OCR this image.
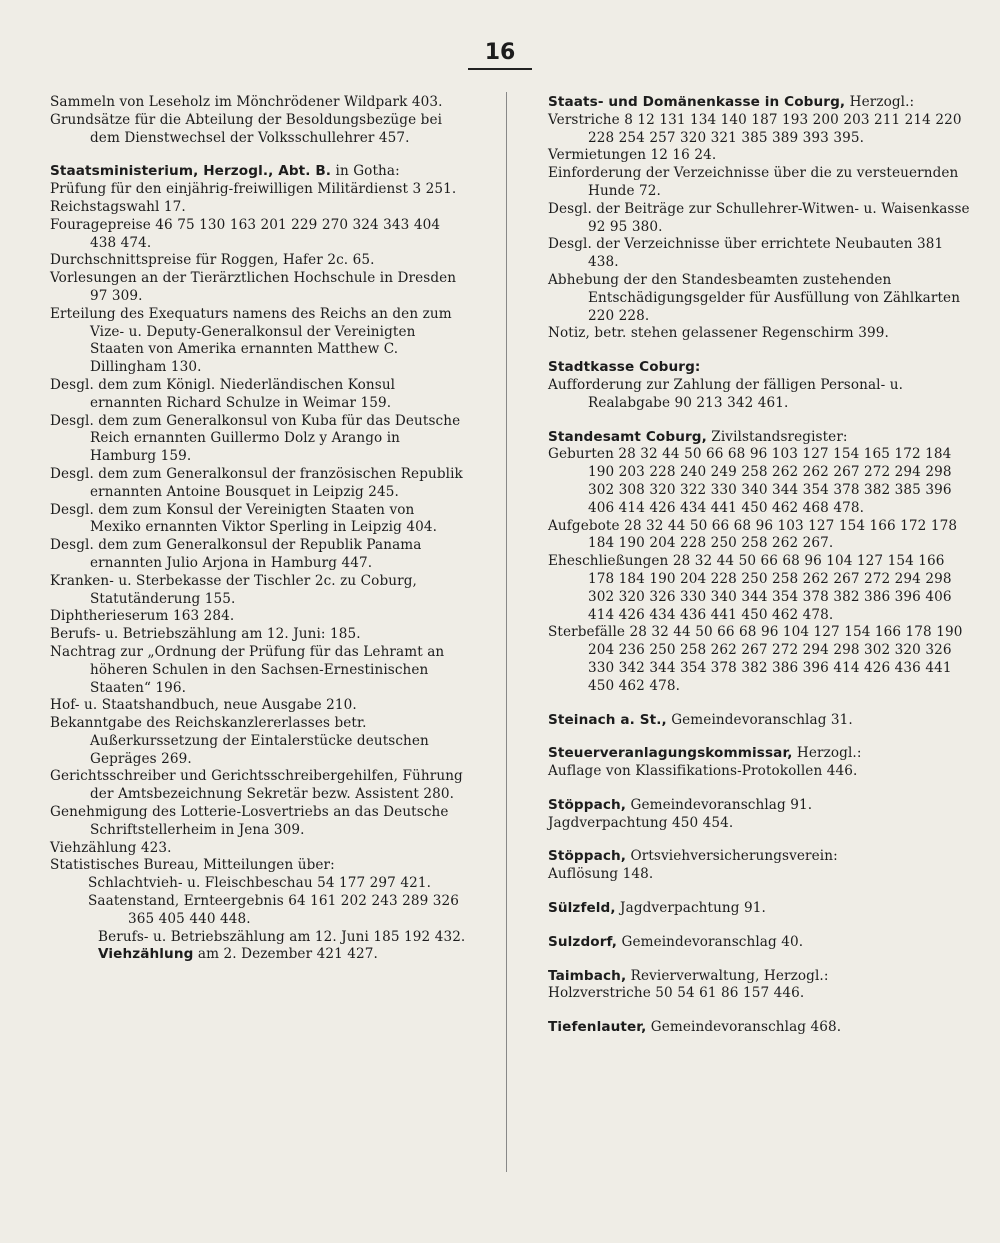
16

Sammeln von Leseholz im Mönchrödener Wildpark 403.

Grundsätze für die Abteilung der Besoldungsbezüge bei dem Dienstwechsel der Volksschullehrer 457.

Staatsministerium, Herzogl., Abt. B. in Gotha:

Prüfung für den einjährig-freiwilligen Militärdienst 3 251.

Reichstagswahl 17.

Fouragepreise 46 75 130 163 201 229 270 324 343 404 438 474.

Durchschnittspreise für Roggen, Hafer 2c. 65.

Vorlesungen an der Tierärztlichen Hochschule in Dresden 97 309.

Erteilung des Exequaturs namens des Reichs an den zum Vize- u. Deputy-Generalkonsul der Vereinigten Staaten von Amerika ernannten Matthew C. Dillingham 130.

Desgl. dem zum Königl. Niederländischen Konsul ernannten Richard Schulze in Weimar 159.

Desgl. dem zum Generalkonsul von Kuba für das Deutsche Reich ernannten Guillermo Dolz y Arango in Hamburg 159.

Desgl. dem zum Generalkonsul der französischen Republik ernannten Antoine Bousquet in Leipzig 245.

Desgl. dem zum Konsul der Vereinigten Staaten von Mexiko ernannten Viktor Sperling in Leipzig 404.

Desgl. dem zum Generalkonsul der Republik Panama ernannten Julio Arjona in Hamburg 447.

Kranken- u. Sterbekasse der Tischler 2c. zu Coburg, Statutänderung 155.

Diphtherieserum 163 284.

Berufs- u. Betriebszählung am 12. Juni: 185.

Nachtrag zur „Ordnung der Prüfung für das Lehramt an höheren Schulen in den Sachsen-Ernestinischen Staaten“ 196.

Hof- u. Staatshandbuch, neue Ausgabe 210.

Bekanntgabe des Reichskanzlererlasses betr. Außerkurssetzung der Eintalerstücke deutschen Gepräges 269.

Gerichtsschreiber und Gerichtsschreibergehilfen, Führung der Amtsbezeichnung Sekretär bezw. Assistent 280.

Genehmigung des Lotterie-Losvertriebs an das Deutsche Schriftstellerheim in Jena 309.

Viehzählung 423.

Statistisches Bureau, Mitteilungen über:

Schlachtvieh- u. Fleischbeschau 54 177 297 421.

Saatenstand, Ernteergebnis 64 161 202 243 289 326 365 405 440 448.

Berufs- u. Betriebszählung am 12. Juni 185 192 432.

Viehzählung am 2. Dezember 421 427.

Staats- und Domänenkasse in Coburg, Herzogl.:

Verstriche 8 12 131 134 140 187 193 200 203 211 214 220 228 254 257 320 321 385 389 393 395.

Vermietungen 12 16 24.

Einforderung der Verzeichnisse über die zu versteuernden Hunde 72.

Desgl. der Beiträge zur Schullehrer-Witwen- u. Waisenkasse 92 95 380.

Desgl. der Verzeichnisse über errichtete Neubauten 381 438.

Abhebung der den Standesbeamten zustehenden Entschädigungsgelder für Ausfüllung von Zählkarten 220 228.

Notiz, betr. stehen gelassener Regenschirm 399.

Stadtkasse Coburg:

Aufforderung zur Zahlung der fälligen Personal- u. Realabgabe 90 213 342 461.

Standesamt Coburg, Zivilstandsregister:

Geburten 28 32 44 50 66 68 96 103 127 154 165 172 184 190 203 228 240 249 258 262 262 267 272 294 298 302 308 320 322 330 340 344 354 378 382 385 396 406 414 426 434 441 450 462 468 478.

Aufgebote 28 32 44 50 66 68 96 103 127 154 166 172 178 184 190 204 228 250 258 262 267.

Eheschließungen 28 32 44 50 66 68 96 104 127 154 166 178 184 190 204 228 250 258 262 267 272 294 298 302 320 326 330 340 344 354 378 382 386 396 406 414 426 434 436 441 450 462 478.

Sterbefälle 28 32 44 50 66 68 96 104 127 154 166 178 190 204 236 250 258 262 267 272 294 298 302 320 326 330 342 344 354 378 382 386 396 414 426 436 441 450 462 478.

Steinach a. St., Gemeindevoranschlag 31.

Steuerveranlagungskommissar, Herzogl.:

Auflage von Klassifikations-Protokollen 446.

Stöppach, Gemeindevoranschlag 91.

Jagdverpachtung 450 454.

Stöppach, Ortsviehversicherungsverein:

Auflösung 148.

Sülzfeld, Jagdverpachtung 91.

Sulzdorf, Gemeindevoranschlag 40.

Taimbach, Revierverwaltung, Herzogl.:

Holzverstriche 50 54 61 86 157 446.

Tiefenlauter, Gemeindevoranschlag 468.
